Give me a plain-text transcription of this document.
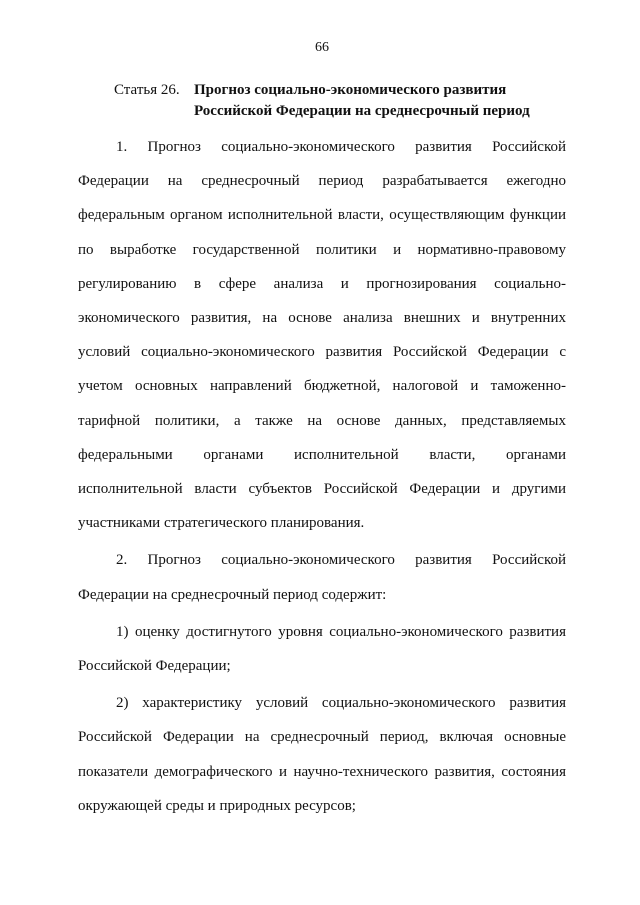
66
Статья 26. Прогноз социально-экономического развития Российской Федерации на среднесрочный период

1. Прогноз социально-экономического развития Российской Федерации на среднесрочный период разрабатывается ежегодно федеральным органом исполнительной власти, осуществляющим функции по выработке государственной политики и нормативно-правовому регулированию в сфере анализа и прогнозирования социально-экономического развития, на основе анализа внешних и внутренних условий социально-экономического развития Российской Федерации с учетом основных направлений бюджетной, налоговой и таможенно-тарифной политики, а также на основе данных, представляемых федеральными органами исполнительной власти, органами исполнительной власти субъектов Российской Федерации и другими участниками стратегического планирования.

2. Прогноз социально-экономического развития Российской Федерации на среднесрочный период содержит:

1) оценку достигнутого уровня социально-экономического развития Российской Федерации;

2) характеристику условий социально-экономического развития Российской Федерации на среднесрочный период, включая основные показатели демографического и научно-технического развития, состояния окружающей среды и природных ресурсов;
